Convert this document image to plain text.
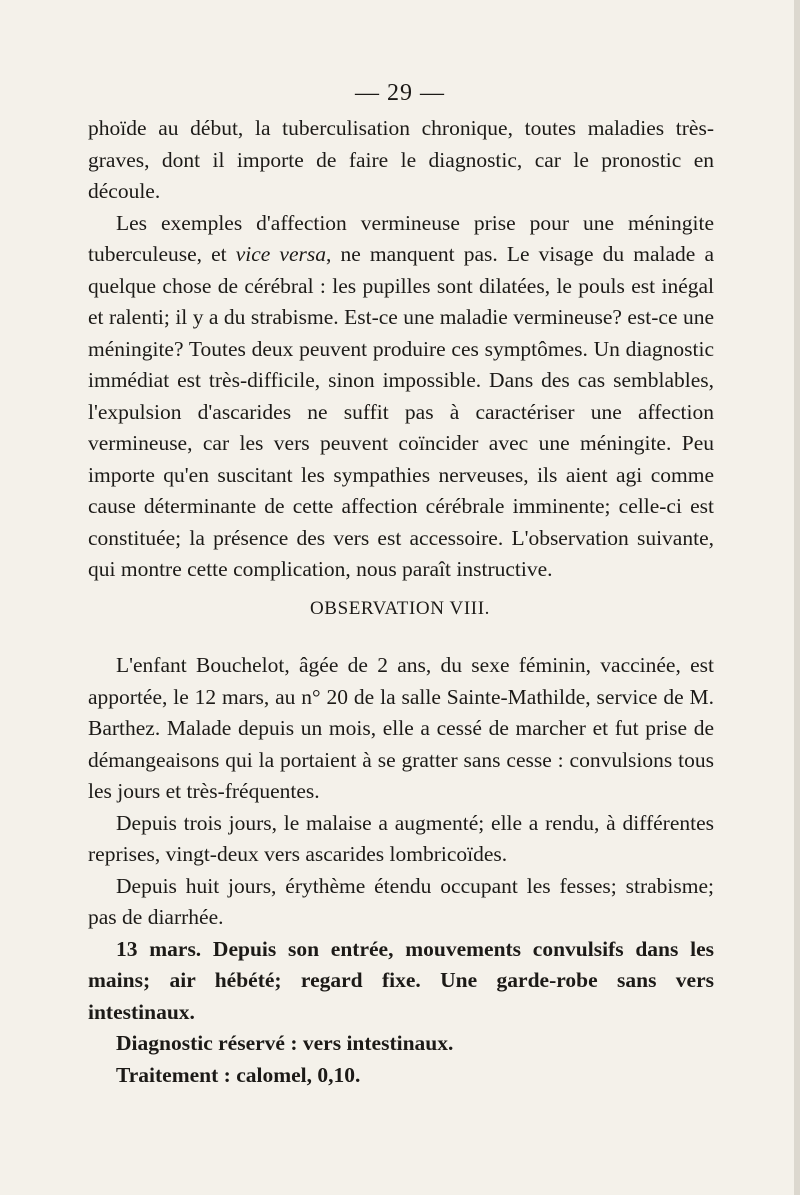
— 29 —

phoïde au début, la tuberculisation chronique, toutes maladies très-graves, dont il importe de faire le diagnostic, car le pronostic en découle.

Les exemples d'affection vermineuse prise pour une méningite tuberculeuse, et vice versa, ne manquent pas. Le visage du malade a quelque chose de cérébral : les pupilles sont dilatées, le pouls est inégal et ralenti; il y a du strabisme. Est-ce une maladie vermineuse? est-ce une méningite? Toutes deux peuvent produire ces symptômes. Un diagnostic immédiat est très-difficile, sinon impossible. Dans des cas semblables, l'expulsion d'ascarides ne suffit pas à caractériser une affection vermineuse, car les vers peuvent coïncider avec une méningite. Peu importe qu'en suscitant les sympathies nerveuses, ils aient agi comme cause déterminante de cette affection cérébrale imminente; celle-ci est constituée; la présence des vers est accessoire. L'observation suivante, qui montre cette complication, nous paraît instructive.

OBSERVATION VIII.

L'enfant Bouchelot, âgée de 2 ans, du sexe féminin, vaccinée, est apportée, le 12 mars, au n° 20 de la salle Sainte-Mathilde, service de M. Barthez. Malade depuis un mois, elle a cessé de marcher et fut prise de démangeaisons qui la portaient à se gratter sans cesse : convulsions tous les jours et très-fréquentes.

Depuis trois jours, le malaise a augmenté; elle a rendu, à différentes reprises, vingt-deux vers ascarides lombricoïdes.

Depuis huit jours, érythème étendu occupant les fesses; strabisme; pas de diarrhée.

13 mars. Depuis son entrée, mouvements convulsifs dans les mains; air hébété; regard fixe. Une garde-robe sans vers intestinaux.

Diagnostic réservé : vers intestinaux.

Traitement : calomel, 0,10.
